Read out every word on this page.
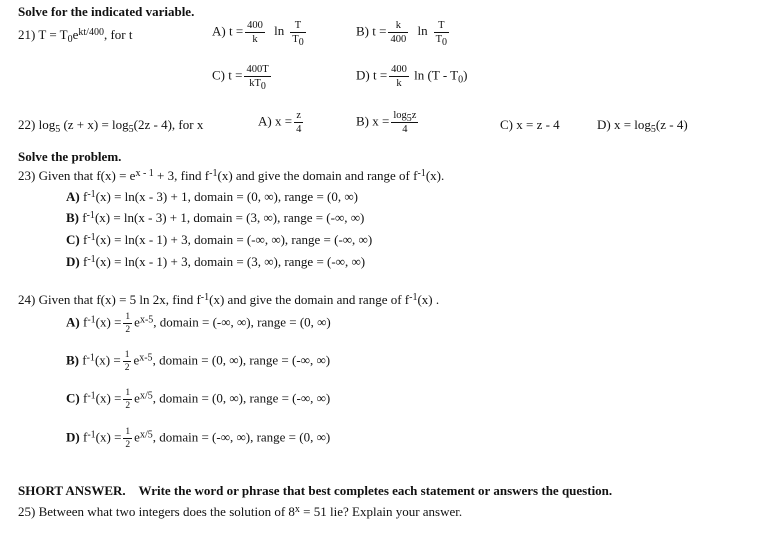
Solve for the indicated variable.
21) $T = T_0e^{kt/400}$, for t	A) $t = \frac{400}{k}$ $\ln \frac{T}{T_0}$	B) $t = \frac{k}{400}$ $\ln \frac{T}{T_0}$
C) $t = \frac{400T}{kT_0}$	D) $t = \frac{400}{k}$ $\ln (T - T_0)$
22) $\log_5 (z + x) = \log_5(2z - 4)$, for x	A) $x = \frac{z}{4}$	B) $x = \frac{\log_5z}{4}$	C) x = z - 4	D) $x = \log_5(z - 4)$
Solve the problem.
23) Given that $f(x) = e^{x - 1} + 3$, find $f^{-1}(x)$ and give the domain and range of $f^{-1}(x)$.
A) $f^{-1}(x) = \ln(x - 3) + 1$, domain = (0, ∞), range = (0, ∞)
B) $f^{-1}(x) = \ln(x - 3) + 1$, domain = (3, ∞), range = (-∞, ∞)
C) $f^{-1}(x) = \ln(x - 1) + 3$, domain = (-∞, ∞), range = (-∞, ∞)
D) $f^{-1}(x) = \ln(x - 1) + 3$, domain = (3, ∞), range = (-∞, ∞)
24) Given that f(x) = 5 ln 2x, find $f^{-1}(x)$ and give the domain and range of $f^{-1}(x)$ .
A) $f^{-1}(x) = \frac{1}{2} e^{x-5}$, domain = (-∞, ∞), range = (0, ∞)
B) $f^{-1}(x) = \frac{1}{2} e^{x-5}$, domain = (0, ∞), range = (-∞, ∞)
C) $f^{-1}(x) = \frac{1}{2} e^{x/5}$, domain = (0, ∞), range = (-∞, ∞)
D) $f^{-1}(x) = \frac{1}{2} e^{x/5}$, domain = (-∞, ∞), range = (0, ∞)
SHORT ANSWER. Write the word or phrase that best completes each statement or answers the question.
25) Between what two integers does the solution of $8^x = 51$ lie? Explain your answer.
